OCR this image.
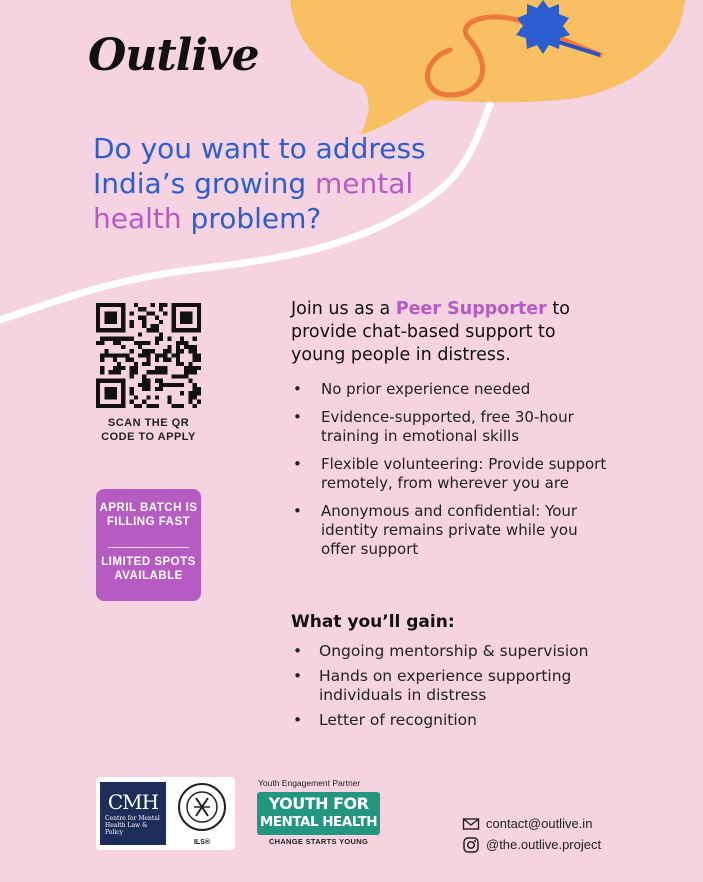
Outlive
Do you want to address
India’s growing mental
health problem?
SCAN THE QR CODE TO APPLY
APRIL BATCH IS FILLING FAST
LIMITED SPOTS AVAILABLE
Join us as a Peer Supporter to provide chat-based support to young people in distress.
• No prior experience needed
• Evidence-supported, free 30-hour training in emotional skills
• Flexible volunteering: Provide support remotely, from wherever you are
• Anonymous and confidential: Your identity remains private while you offer support
What you’ll gain:
• Ongoing mentorship & supervision
• Hands on experience supporting individuals in distress
• Letter of recognition
CMH
Centre for Mental Health Law & Policy
ILS®
Youth Engagement Partner
YOUTH FOR
MENTAL HEALTH
CHANGE STARTS YOUNG
contact@outlive.in
@the.outlive.project
